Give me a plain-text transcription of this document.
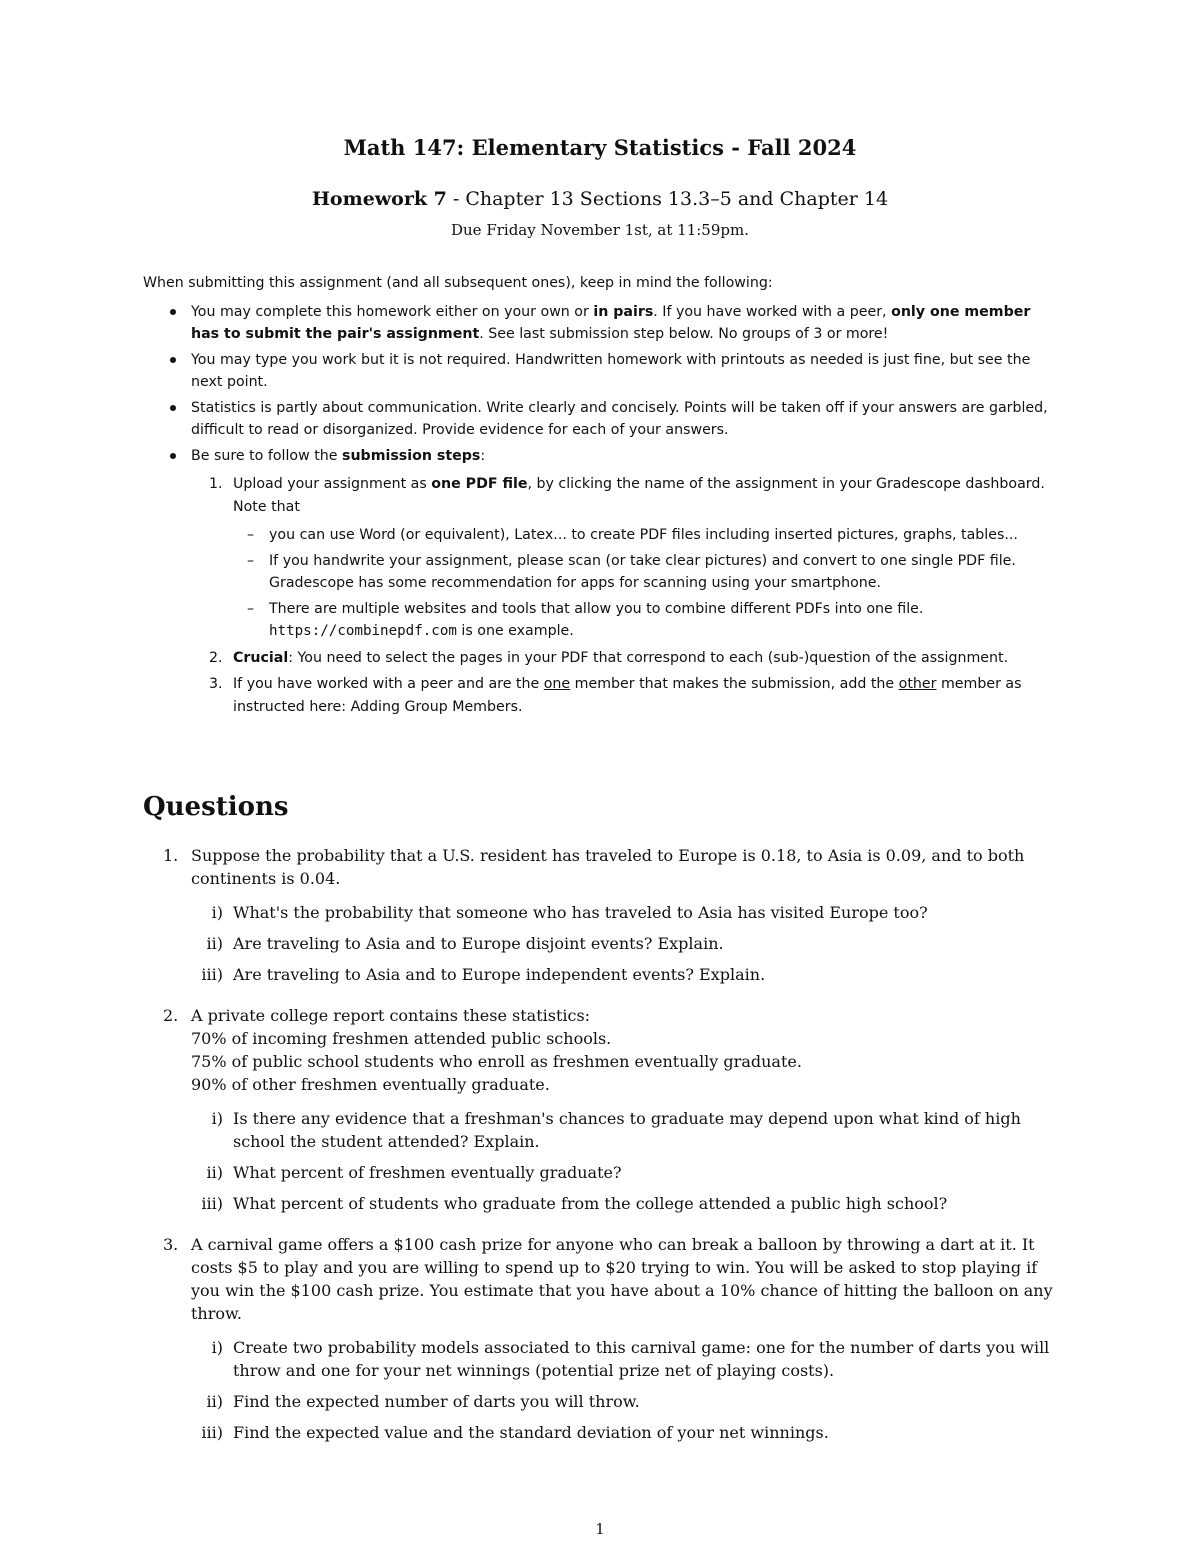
Math 147: Elementary Statistics - Fall 2024
Homework 7 - Chapter 13 Sections 13.3–5 and Chapter 14
Due Friday November 1st, at 11:59pm.

When submitting this assignment (and all subsequent ones), keep in mind the following:

You may complete this homework either on your own or in pairs. If you have worked with a peer, only one member has to submit the pair's assignment. See last submission step below. No groups of 3 or more!
You may type you work but it is not required. Handwritten homework with printouts as needed is just fine, but see the next point.
Statistics is partly about communication. Write clearly and concisely. Points will be taken off if your answers are garbled, difficult to read or disorganized. Provide evidence for each of your answers.
Be sure to follow the submission steps:
1. Upload your assignment as one PDF file, by clicking the name of the assignment in your Gradescope dashboard. Note that
– you can use Word (or equivalent), Latex... to create PDF files including inserted pictures, graphs, tables...
– If you handwrite your assignment, please scan (or take clear pictures) and convert to one single PDF file. Gradescope has some recommendation for apps for scanning using your smartphone.
– There are multiple websites and tools that allow you to combine different PDFs into one file. https://combinepdf.com is one example.
2. Crucial: You need to select the pages in your PDF that correspond to each (sub-)question of the assignment.
3. If you have worked with a peer and are the one member that makes the submission, add the other member as instructed here: Adding Group Members.
Questions
1. Suppose the probability that a U.S. resident has traveled to Europe is 0.18, to Asia is 0.09, and to both continents is 0.04.
i) What's the probability that someone who has traveled to Asia has visited Europe too?
ii) Are traveling to Asia and to Europe disjoint events? Explain.
iii) Are traveling to Asia and to Europe independent events? Explain.
2. A private college report contains these statistics:
70% of incoming freshmen attended public schools.
75% of public school students who enroll as freshmen eventually graduate.
90% of other freshmen eventually graduate.
i) Is there any evidence that a freshman's chances to graduate may depend upon what kind of high school the student attended? Explain.
ii) What percent of freshmen eventually graduate?
iii) What percent of students who graduate from the college attended a public high school?
3. A carnival game offers a $100 cash prize for anyone who can break a balloon by throwing a dart at it. It costs $5 to play and you are willing to spend up to $20 trying to win. You will be asked to stop playing if you win the $100 cash prize. You estimate that you have about a 10% chance of hitting the balloon on any throw.
i) Create two probability models associated to this carnival game: one for the number of darts you will throw and one for your net winnings (potential prize net of playing costs).
ii) Find the expected number of darts you will throw.
iii) Find the expected value and the standard deviation of your net winnings.
1
